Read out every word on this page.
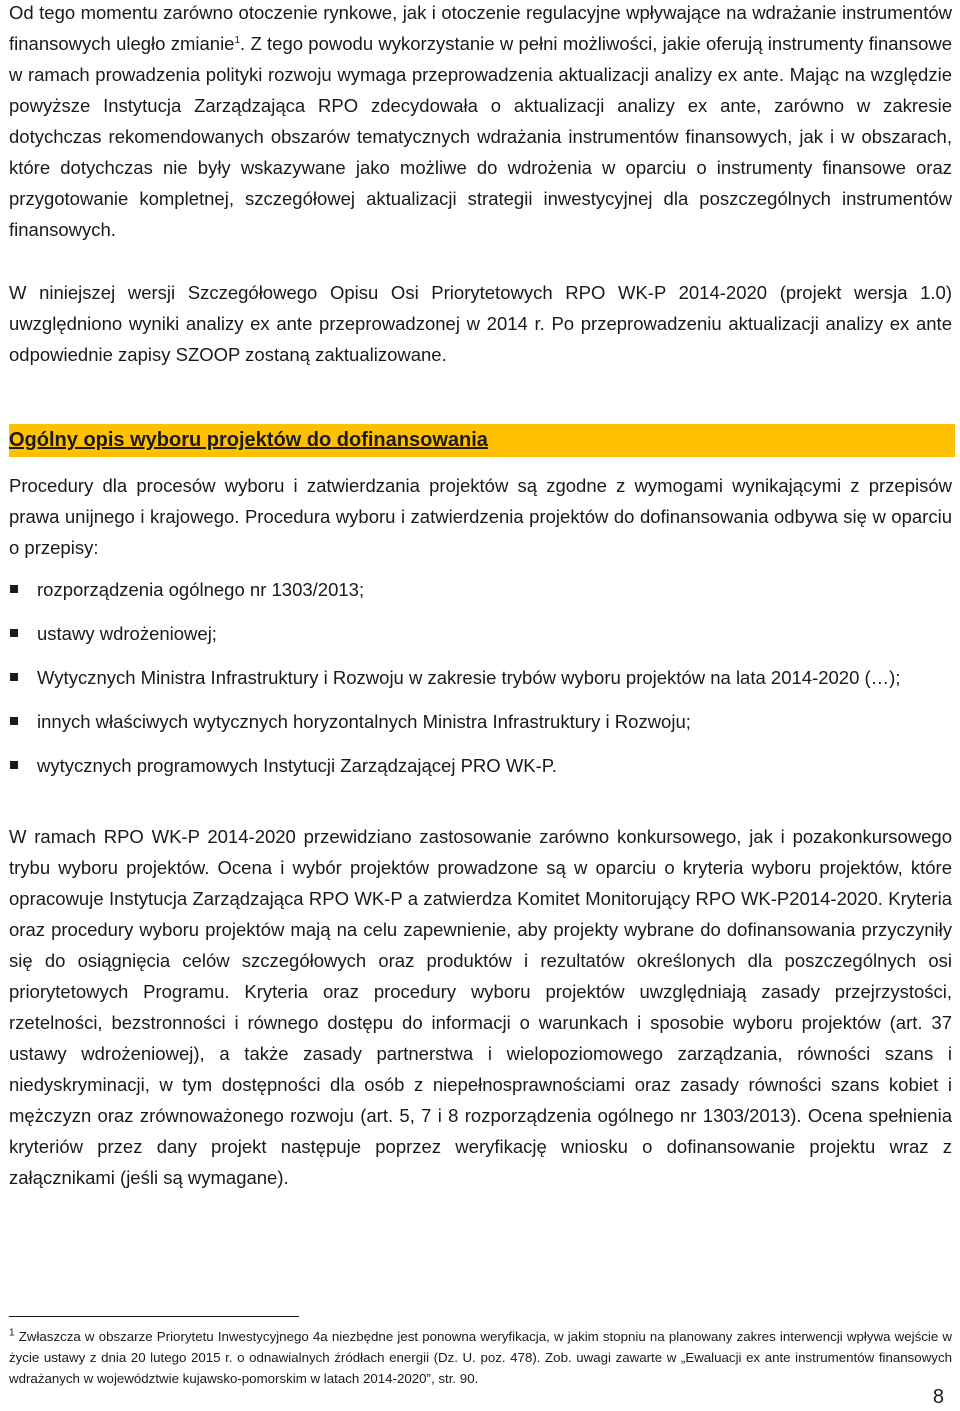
Od tego momentu zarówno otoczenie rynkowe, jak i otoczenie regulacyjne wpływające na wdrażanie instrumentów finansowych uległo zmianie$^1$. Z tego powodu wykorzystanie w pełni możliwości, jakie oferują instrumenty finansowe w ramach prowadzenia polityki rozwoju wymaga przeprowadzenia aktualizacji analizy ex ante. Mając na względzie powyższe Instytucja Zarządzająca RPO zdecydowała o aktualizacji analizy ex ante, zarówno w zakresie dotychczas rekomendowanych obszarów tematycznych wdrażania instrumentów finansowych, jak i w obszarach, które dotychczas nie były wskazywane jako możliwe do wdrożenia w oparciu o instrumenty finansowe oraz przygotowanie kompletnej, szczegółowej aktualizacji strategii inwestycyjnej dla poszczególnych instrumentów finansowych.

W niniejszej wersji Szczegółowego Opisu Osi Priorytetowych RPO WK-P 2014-2020 (projekt wersja 1.0) uwzględniono wyniki analizy ex ante przeprowadzonej w 2014 r. Po przeprowadzeniu aktualizacji analizy ex ante odpowiednie zapisy SZOOP zostaną zaktualizowane.

Ogólny opis wyboru projektów do dofinansowania

Procedury dla procesów wyboru i zatwierdzania projektów są zgodne z wymogami wynikającymi z przepisów prawa unijnego i krajowego. Procedura wyboru i zatwierdzenia projektów do dofinansowania odbywa się w oparciu o przepisy:

rozporządzenia ogólnego nr 1303/2013;
ustawy wdrożeniowej;
Wytycznych Ministra Infrastruktury i Rozwoju w zakresie trybów wyboru projektów na lata 2014-2020 (…);
innych właściwych wytycznych horyzontalnych Ministra Infrastruktury i Rozwoju;
wytycznych programowych Instytucji Zarządzającej PRO WK-P.

W ramach RPO WK-P 2014-2020 przewidziano zastosowanie zarówno konkursowego, jak i pozakonkursowego trybu wyboru projektów. Ocena i wybór projektów prowadzone są w oparciu o kryteria wyboru projektów, które opracowuje Instytucja Zarządzająca RPO WK-P a zatwierdza Komitet Monitorujący RPO WK-P2014-2020. Kryteria oraz procedury wyboru projektów mają na celu zapewnienie, aby projekty wybrane do dofinansowania przyczyniły się do osiągnięcia celów szczegółowych oraz produktów i rezultatów określonych dla poszczególnych osi priorytetowych Programu. Kryteria oraz procedury wyboru projektów uwzględniają zasady przejrzystości, rzetelności, bezstronności i równego dostępu do informacji o warunkach i sposobie wyboru projektów (art. 37 ustawy wdrożeniowej), a także zasady partnerstwa i wielopoziomowego zarządzania, równości szans i niedyskryminacji, w tym dostępności dla osób z niepełnosprawnościami oraz zasady równości szans kobiet i mężczyzn oraz zrównoważonego rozwoju (art. 5, 7 i 8 rozporządzenia ogólnego nr 1303/2013). Ocena spełnienia kryteriów przez dany projekt następuje poprzez weryfikację wniosku o dofinansowanie projektu wraz z załącznikami (jeśli są wymagane).

$^1$ Zwłaszcza w obszarze Priorytetu Inwestycyjnego 4a niezbędne jest ponowna weryfikacja, w jakim stopniu na planowany zakres interwencji wpływa wejście w życie ustawy z dnia 20 lutego 2015 r. o odnawialnych źródłach energii (Dz. U. poz. 478). Zob. uwagi zawarte w „Ewaluacji ex ante instrumentów finansowych wdrażanych w województwie kujawsko-pomorskim w latach 2014-2020”, str. 90.
8
